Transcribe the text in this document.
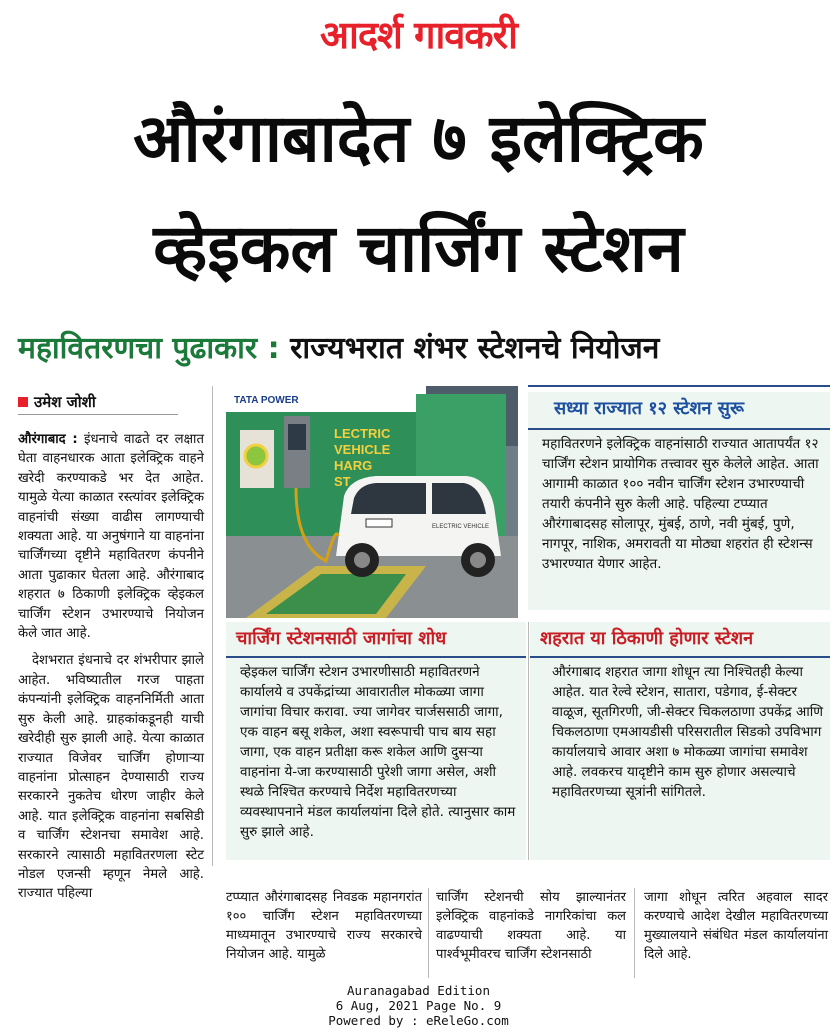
आदर्श गावकरी
औरंगाबादेत ७ इलेक्ट्रिक
व्हेइकल चार्जिंग स्टेशन
महावितरणचा पुढाकार : राज्यभरात शंभर स्टेशनचे नियोजन
उमेश जोशी

औरंगाबाद : इंधनाचे वाढते दर लक्षात घेता वाहनधारक आता इलेक्ट्रिक वाहने खरेदी करण्याकडे भर देत आहेत. यामुळे येत्या काळात रस्त्यांवर इलेक्ट्रिक वाहनांची संख्या वाढीस लागण्याची शक्यता आहे. या अनुषंगाने या वाहनांना चार्जिंगच्या दृष्टीने महावितरण कंपनीने आता पुढाकार घेतला आहे. औरंगाबाद शहरात ७ ठिकाणी इलेक्ट्रिक व्हेइकल चार्जिंग स्टेशन उभारण्याचे नियोजन केले जात आहे.

देशभरात इंधनाचे दर शंभरीपार झाले आहेत. भविष्यातील गरज पाहता कंपन्यांनी इलेक्ट्रिक वाहननिर्मिती आता सुरु केली आहे. ग्राहकांकडूनही याची खरेदीही सुरु झाली आहे. येत्या काळात राज्यात विजेवर चार्जिंग होणाऱ्या वाहनांना प्रोत्साहन देण्यासाठी राज्य सरकारने नुकतेच धोरण जाहीर केले आहे. यात इलेक्ट्रिक वाहनांना सबसिडी व चार्जिंग स्टेशनचा समावेश आहे. सरकारने त्यासाठी महावितरणला स्टेट नोडल एजन्सी म्हणून नेमले आहे. राज्यात पहिल्या

TATA POWER
LECTRIC
VEHICLE
HARG
ST
ELECTRIC VEHICLE
सध्या राज्यात १२ स्टेशन सुरू
महावितरणने इलेक्ट्रिक वाहनांसाठी राज्यात आतापर्यंत १२ चार्जिंग स्टेशन प्रायोगिक तत्त्वावर सुरु केलेले आहेत. आता आगामी काळात १०० नवीन चार्जिंग स्टेशन उभारण्याची तयारी कंपनीने सुरु केली आहे. पहिल्या टप्प्यात औरंगाबादसह सोलापूर, मुंबई, ठाणे, नवी मुंबई, पुणे, नागपूर, नाशिक, अमरावती या मोठ्या शहरांत ही स्टेशन्स उभारण्यात येणार आहेत.
चार्जिंग स्टेशनसाठी जागांचा शोध
व्हेइकल चार्जिंग स्टेशन उभारणीसाठी महावितरणने कार्यालये व उपकेंद्रांच्या आवारातील मोकळ्या जागा जागांचा विचार करावा. ज्या जागेवर चार्जससाठी जागा, एक वाहन बसू शकेल, अशा स्वरूपाची पाच बाय सहा जागा, एक वाहन प्रतीक्षा करू शकेल आणि दुसऱ्या वाहनांना ये-जा करण्यासाठी पुरेशी जागा असेल, अशी स्थळे निश्चित करण्याचे निर्देश महावितरणच्या व्यवस्थापनाने मंडल कार्यालयांना दिले होते. त्यानुसार काम सुरु झाले आहे.
शहरात या ठिकाणी होणार स्टेशन
औरंगाबाद शहरात जागा शोधून त्या निश्चितही केल्या आहेत. यात रेल्वे स्टेशन, सातारा, पडेगाव, ई-सेक्टर वाळूज, सूतगिरणी, जी-सेक्टर चिकलठाणा उपकेंद्र आणि चिकलठाणा एमआयडीसी परिसरातील सिडको उपविभाग कार्यालयाचे आवार अशा ७ मोकळ्या जागांचा समावेश आहे. लवकरच यादृष्टीने काम सुरु होणार असल्याचे महावितरणच्या सूत्रांनी सांगितले.
टप्प्यात औरंगाबादसह निवडक महानगरांत १०० चार्जिंग स्टेशन महावितरणच्या माध्यमातून उभारण्याचे राज्य सरकारचे नियोजन आहे. यामुळे
चार्जिंग स्टेशनची सोय झाल्यानंतर इलेक्ट्रिक वाहनांकडे नागरिकांचा कल वाढण्याची शक्यता आहे. या पार्श्वभूमीवरच चार्जिंग स्टेशनसाठी
जागा शोधून त्वरित अहवाल सादर करण्याचे आदेश देखील महावितरणच्या मुख्यालयाने संबंधित मंडल कार्यालयांना दिले आहे.
Auranagabad Edition
6 Aug, 2021 Page No. 9
Powered by : eReleGo.com
